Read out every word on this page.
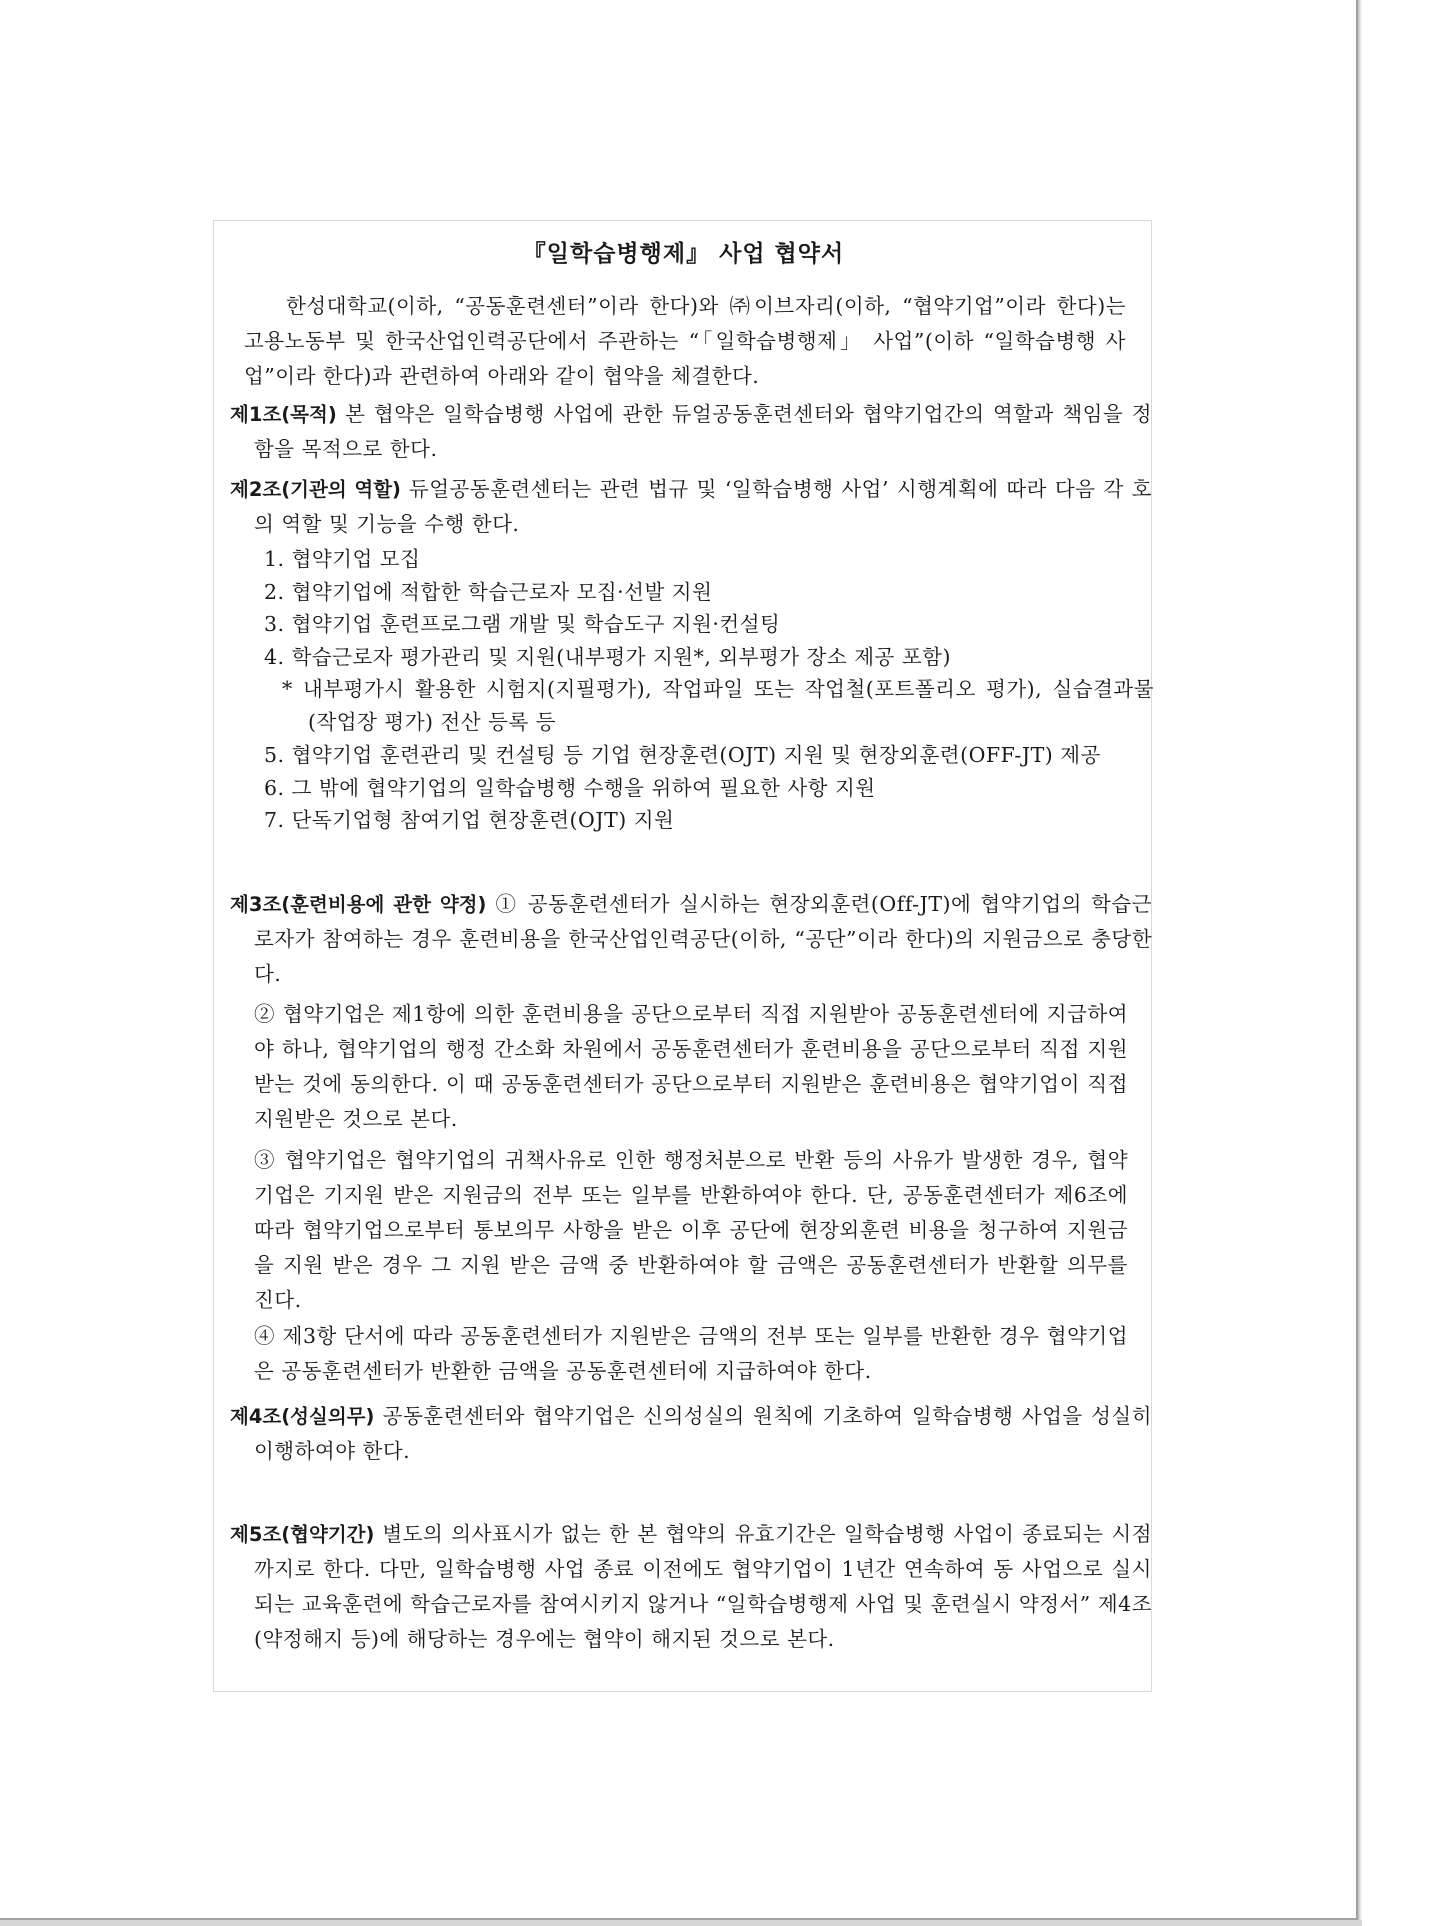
『일학습병행제』 사업 협약서
한성대학교(이하, “공동훈련센터”이라 한다)와 ㈜이브자리(이하, “협약기업”이라 한다)는 고용노동부 및 한국산업인력공단에서 주관하는 “「일학습병행제」 사업”(이하 “일학습병행 사업”이라 한다)과 관련하여 아래와 같이 협약을 체결한다.
제1조(목적) 본 협약은 일학습병행 사업에 관한 듀얼공동훈련센터와 협약기업간의 역할과 책임을 정함을 목적으로 한다.
제2조(기관의 역할) 듀얼공동훈련센터는 관련 법규 및 ‘일학습병행 사업’ 시행계획에 따라 다음 각 호의 역할 및 기능을 수행 한다.
1. 협약기업 모집
2. 협약기업에 적합한 학습근로자 모집·선발 지원
3. 협약기업 훈련프로그램 개발 및 학습도구 지원·컨설팅
4. 학습근로자 평가관리 및 지원(내부평가 지원*, 외부평가 장소 제공 포함)
* 내부평가시 활용한 시험지(지필평가), 작업파일 또는 작업철(포트폴리오 평가), 실습결과물(작업장 평가) 전산 등록 등
5. 협약기업 훈련관리 및 컨설팅 등 기업 현장훈련(OJT) 지원 및 현장외훈련(OFF-JT) 제공
6. 그 밖에 협약기업의 일학습병행 수행을 위하여 필요한 사항 지원
7. 단독기업형 참여기업 현장훈련(OJT) 지원
제3조(훈련비용에 관한 약정) ① 공동훈련센터가 실시하는 현장외훈련(Off-JT)에 협약기업의 학습근로자가 참여하는 경우 훈련비용을 한국산업인력공단(이하, “공단”이라 한다)의 지원금으로 충당한다.
② 협약기업은 제1항에 의한 훈련비용을 공단으로부터 직접 지원받아 공동훈련센터에 지급하여야 하나, 협약기업의 행정 간소화 차원에서 공동훈련센터가 훈련비용을 공단으로부터 직접 지원받는 것에 동의한다. 이 때 공동훈련센터가 공단으로부터 지원받은 훈련비용은 협약기업이 직접 지원받은 것으로 본다.
③ 협약기업은 협약기업의 귀책사유로 인한 행정처분으로 반환 등의 사유가 발생한 경우, 협약기업은 기지원 받은 지원금의 전부 또는 일부를 반환하여야 한다. 단, 공동훈련센터가 제6조에 따라 협약기업으로부터 통보의무 사항을 받은 이후 공단에 현장외훈련 비용을 청구하여 지원금을 지원 받은 경우 그 지원 받은 금액 중 반환하여야 할 금액은 공동훈련센터가 반환할 의무를 진다.
④ 제3항 단서에 따라 공동훈련센터가 지원받은 금액의 전부 또는 일부를 반환한 경우 협약기업은 공동훈련센터가 반환한 금액을 공동훈련센터에 지급하여야 한다.
제4조(성실의무) 공동훈련센터와 협약기업은 신의성실의 원칙에 기초하여 일학습병행 사업을 성실히 이행하여야 한다.
제5조(협약기간) 별도의 의사표시가 없는 한 본 협약의 유효기간은 일학습병행 사업이 종료되는 시점까지로 한다. 다만, 일학습병행 사업 종료 이전에도 협약기업이 1년간 연속하여 동 사업으로 실시되는 교육훈련에 학습근로자를 참여시키지 않거나 “일학습병행제 사업 및 훈련실시 약정서” 제4조(약정해지 등)에 해당하는 경우에는 협약이 해지된 것으로 본다.
